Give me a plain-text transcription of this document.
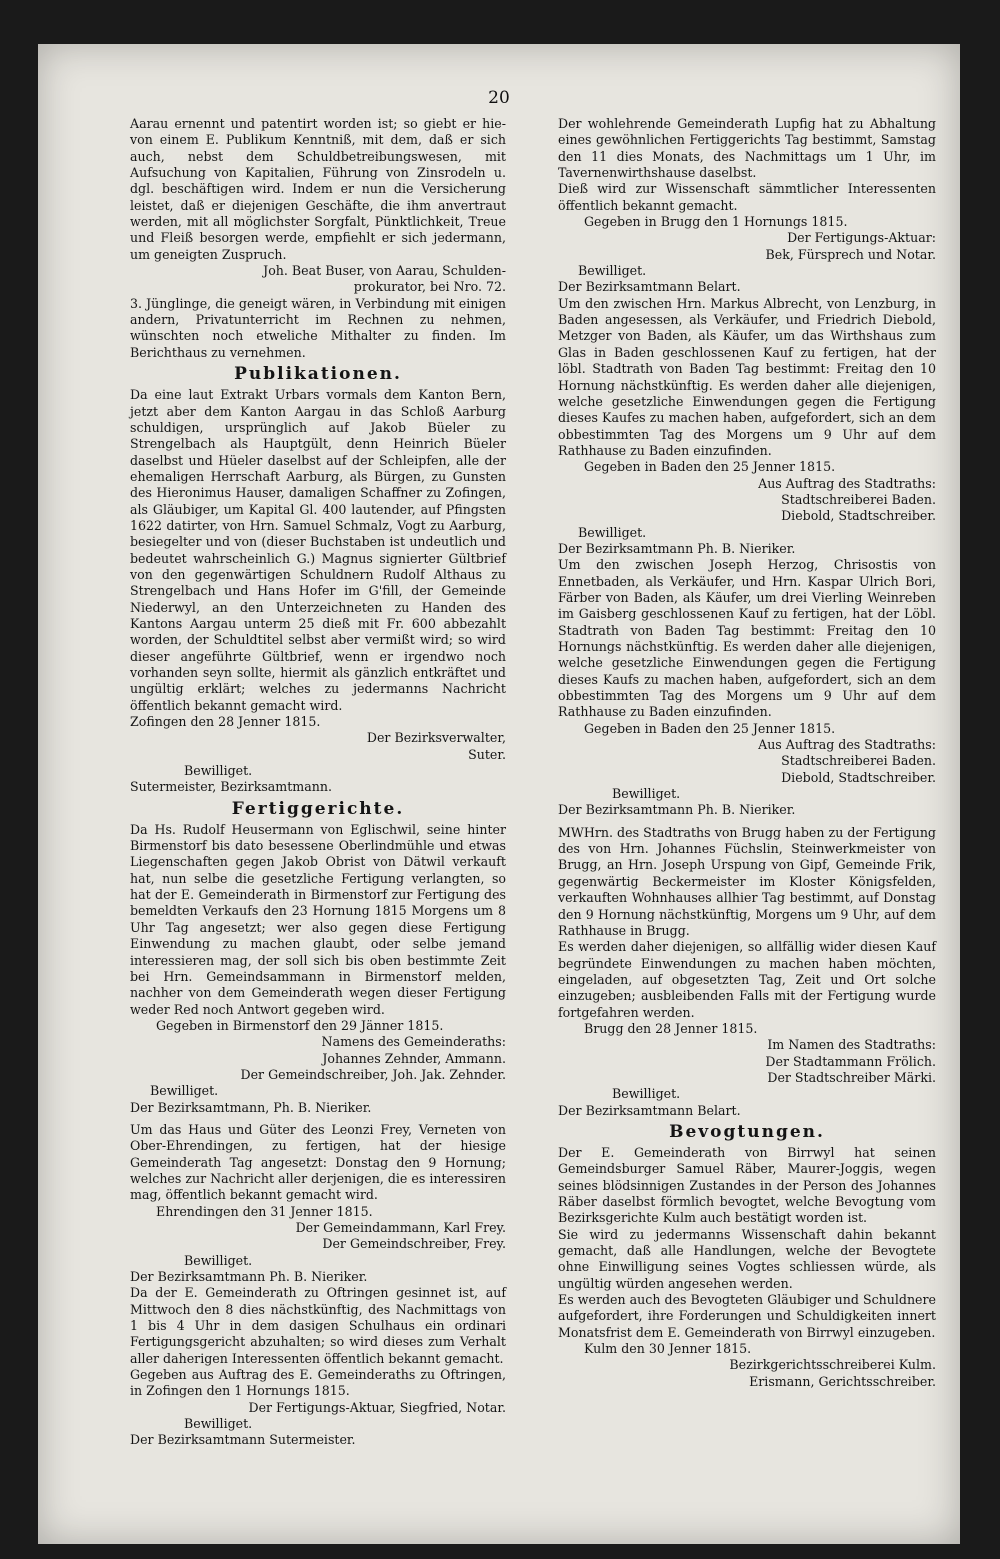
20

Aarau ernennt und patentirt worden ist; so giebt er hie-von einem E. Publikum Kenntniß, mit dem, daß er sich auch, nebst dem Schuldbetreibungswesen, mit Aufsuchung von Kapitalien, Führung von Zinsrodeln u. dgl. beschäftigen wird. Indem er nun die Versicherung leistet, daß er diejenigen Geschäfte, die ihm anvertraut werden, mit all möglichster Sorgfalt, Pünktlichkeit, Treue und Fleiß besorgen werde, empfiehlt er sich jedermann, um geneigten Zuspruch.

Joh. Beat Buser, von Aarau, Schulden-

prokurator, bei Nro. 72.

3. Jünglinge, die geneigt wären, in Verbindung mit einigen andern, Privatunterricht im Rechnen zu nehmen, wünschten noch etweliche Mithalter zu finden. Im Berichthaus zu vernehmen.

Publikationen.

Da eine laut Extrakt Urbars vormals dem Kanton Bern, jetzt aber dem Kanton Aargau in das Schloß Aarburg schuldigen, ursprünglich auf Jakob Büeler zu Strengelbach als Hauptgült, denn Heinrich Büeler daselbst und Hüeler daselbst auf der Schleipfen, alle der ehemaligen Herrschaft Aarburg, als Bürgen, zu Gunsten des Hieronimus Hauser, damaligen Schaffner zu Zofingen, als Gläubiger, um Kapital Gl. 400 lautender, auf Pfingsten 1622 datirter, von Hrn. Samuel Schmalz, Vogt zu Aarburg, besiegelter und von (dieser Buchstaben ist undeutlich und bedeutet wahrscheinlich G.) Magnus signierter Gültbrief von den gegenwärtigen Schuldnern Rudolf Althaus zu Strengelbach und Hans Hofer im G'fill, der Gemeinde Niederwyl, an den Unterzeichneten zu Handen des Kantons Aargau unterm 25 dieß mit Fr. 600 abbezahlt worden, der Schuldtitel selbst aber vermißt wird; so wird dieser angeführte Gültbrief, wenn er irgendwo noch vorhanden seyn sollte, hiermit als gänzlich entkräftet und ungültig erklärt; welches zu jedermanns Nachricht öffentlich bekannt gemacht wird.

Zofingen den 28 Jenner 1815.

Der Bezirksverwalter,

Suter.

Bewilliget.

Sutermeister, Bezirksamtmann.

Fertiggerichte.

Da Hs. Rudolf Heusermann von Eglischwil, seine hinter Birmenstorf bis dato besessene Oberlindmühle und etwas Liegenschaften gegen Jakob Obrist von Dätwil verkauft hat, nun selbe die gesetzliche Fertigung verlangten, so hat der E. Gemeinderath in Birmenstorf zur Fertigung des bemeldten Verkaufs den 23 Hornung 1815 Morgens um 8 Uhr Tag angesetzt; wer also gegen diese Fertigung Einwendung zu machen glaubt, oder selbe jemand interessieren mag, der soll sich bis oben bestimmte Zeit bei Hrn. Gemeindsammann in Birmenstorf melden, nachher von dem Gemeinderath wegen dieser Fertigung weder Red noch Antwort gegeben wird.

Gegeben in Birmenstorf den 29 Jänner 1815.

Namens des Gemeinderaths:

Johannes Zehnder, Ammann.

Der Gemeindschreiber, Joh. Jak. Zehnder.

Bewilliget.

Der Bezirksamtmann, Ph. B. Nieriker.

Um das Haus und Güter des Leonzi Frey, Verneten von Ober-Ehrendingen, zu fertigen, hat der hiesige Gemeinderath Tag angesetzt: Donstag den 9 Hornung; welches zur Nachricht aller derjenigen, die es interessiren mag, öffentlich bekannt gemacht wird.

Ehrendingen den 31 Jenner 1815.

Der Gemeindammann, Karl Frey.

Der Gemeindschreiber, Frey.

Bewilliget.

Der Bezirksamtmann Ph. B. Nieriker.

Da der E. Gemeinderath zu Oftringen gesinnet ist, auf Mittwoch den 8 dies nächstkünftig, des Nachmittags von 1 bis 4 Uhr in dem dasigen Schulhaus ein ordinari Fertigungsgericht abzuhalten; so wird dieses zum Verhalt aller daherigen Interessenten öffentlich bekannt gemacht.

Gegeben aus Auftrag des E. Gemeinderaths zu Oftringen, in Zofingen den 1 Hornungs 1815.

Der Fertigungs-Aktuar, Siegfried, Notar.

Bewilliget.

Der Bezirksamtmann Sutermeister.

Der wohlehrende Gemeinderath Lupfig hat zu Abhaltung eines gewöhnlichen Fertiggerichts Tag bestimmt, Samstag den 11 dies Monats, des Nachmittags um 1 Uhr, im Tavernenwirthshause daselbst.

Dieß wird zur Wissenschaft sämmtlicher Interessenten öffentlich bekannt gemacht.

Gegeben in Brugg den 1 Hornungs 1815.

Der Fertigungs-Aktuar:

Bek, Fürsprech und Notar.

Bewilliget.

Der Bezirksamtmann Belart.

Um den zwischen Hrn. Markus Albrecht, von Lenzburg, in Baden angesessen, als Verkäufer, und Friedrich Diebold, Metzger von Baden, als Käufer, um das Wirthshaus zum Glas in Baden geschlossenen Kauf zu fertigen, hat der löbl. Stadtrath von Baden Tag bestimmt: Freitag den 10 Hornung nächstkünftig. Es werden daher alle diejenigen, welche gesetzliche Einwendungen gegen die Fertigung dieses Kaufes zu machen haben, aufgefordert, sich an dem obbestimmten Tag des Morgens um 9 Uhr auf dem Rathhause zu Baden einzufinden.

Gegeben in Baden den 25 Jenner 1815.

Aus Auftrag des Stadtraths:

Stadtschreiberei Baden.

Diebold, Stadtschreiber.

Bewilliget.

Der Bezirksamtmann Ph. B. Nieriker.

Um den zwischen Joseph Herzog, Chrisostis von Ennetbaden, als Verkäufer, und Hrn. Kaspar Ulrich Bori, Färber von Baden, als Käufer, um drei Vierling Weinreben im Gaisberg geschlossenen Kauf zu fertigen, hat der Löbl. Stadtrath von Baden Tag bestimmt: Freitag den 10 Hornungs nächstkünftig. Es werden daher alle diejenigen, welche gesetzliche Einwendungen gegen die Fertigung dieses Kaufs zu machen haben, aufgefordert, sich an dem obbestimmten Tag des Morgens um 9 Uhr auf dem Rathhause zu Baden einzufinden.

Gegeben in Baden den 25 Jenner 1815.

Aus Auftrag des Stadtraths:

Stadtschreiberei Baden.

Diebold, Stadtschreiber.

Bewilliget.

Der Bezirksamtmann Ph. B. Nieriker.

MWHrn. des Stadtraths von Brugg haben zu der Fertigung des von Hrn. Johannes Füchslin, Steinwerkmeister von Brugg, an Hrn. Joseph Urspung von Gipf, Gemeinde Frik, gegenwärtig Beckermeister im Kloster Königsfelden, verkauften Wohnhauses allhier Tag bestimmt, auf Donstag den 9 Hornung nächstkünftig, Morgens um 9 Uhr, auf dem Rathhause in Brugg.

Es werden daher diejenigen, so allfällig wider diesen Kauf begründete Einwendungen zu machen haben möchten, eingeladen, auf obgesetzten Tag, Zeit und Ort solche einzugeben; ausbleibenden Falls mit der Fertigung wurde fortgefahren werden.

Brugg den 28 Jenner 1815.

Im Namen des Stadtraths:

Der Stadtammann Frölich.

Der Stadtschreiber Märki.

Bewilliget.

Der Bezirksamtmann Belart.

Bevogtungen.

Der E. Gemeinderath von Birrwyl hat seinen Gemeindsburger Samuel Räber, Maurer-Joggis, wegen seines blödsinnigen Zustandes in der Person des Johannes Räber daselbst förmlich bevogtet, welche Bevogtung vom Bezirksgerichte Kulm auch bestätigt worden ist.

Sie wird zu jedermanns Wissenschaft dahin bekannt gemacht, daß alle Handlungen, welche der Bevogtete ohne Einwilligung seines Vogtes schliessen würde, als ungültig würden angesehen werden.

Es werden auch des Bevogteten Gläubiger und Schuldnere aufgefordert, ihre Forderungen und Schuldigkeiten innert Monatsfrist dem E. Gemeinderath von Birrwyl einzugeben.

Kulm den 30 Jenner 1815.

Bezirkgerichtsschreiberei Kulm.

Erismann, Gerichtsschreiber.
